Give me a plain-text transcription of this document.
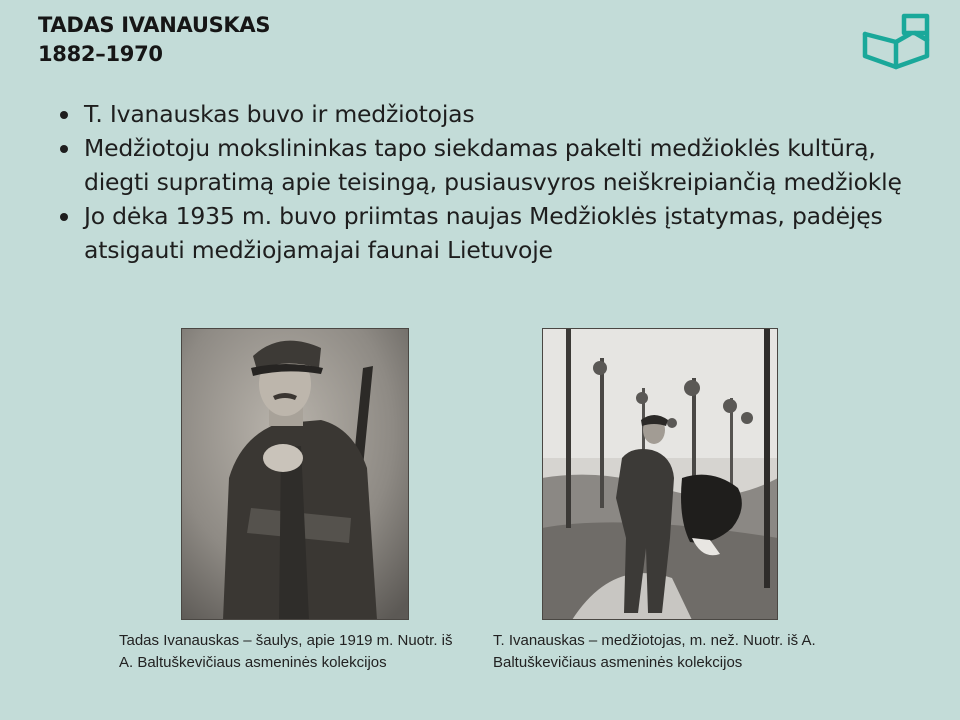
TADAS IVANAUSKAS
1882–1970
T. Ivanauskas buvo ir medžiotojas
Medžiotoju mokslininkas tapo siekdamas pakelti medžioklės kultūrą, diegti supratimą apie teisingą, pusiausvyros neiškreipiančią medžioklę
Jo dėka 1935 m. buvo priimtas naujas Medžioklės įstatymas, padėjęs atsigauti medžiojamajai faunai Lietuvoje
Tadas Ivanauskas – šaulys, apie 1919 m. Nuotr. iš A. Baltuškevičiaus asmeninės kolekcijos
T. Ivanauskas – medžiotojas, m. než. Nuotr. iš A. Baltuškevičiaus asmeninės kolekcijos
